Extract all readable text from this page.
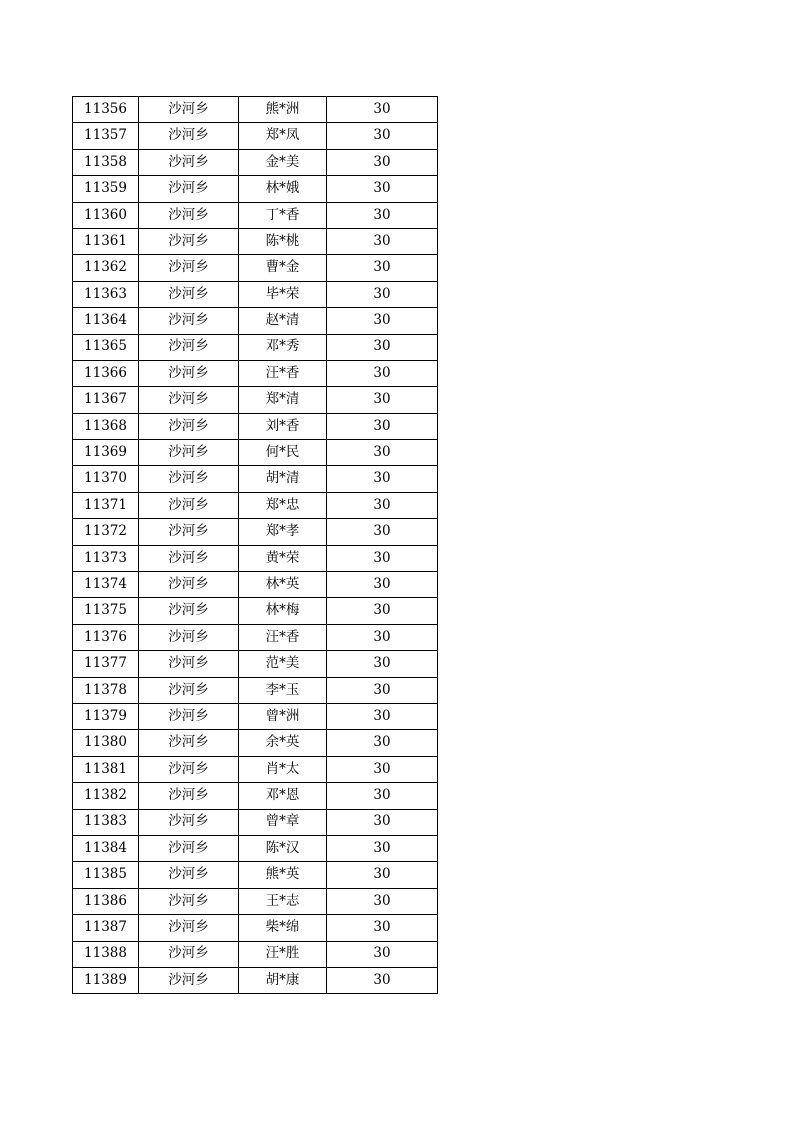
11356	沙河乡	熊*洲	30
11357	沙河乡	郑*凤	30
11358	沙河乡	金*美	30
11359	沙河乡	林*娥	30
11360	沙河乡	丁*香	30
11361	沙河乡	陈*桃	30
11362	沙河乡	曹*金	30
11363	沙河乡	毕*荣	30
11364	沙河乡	赵*清	30
11365	沙河乡	邓*秀	30
11366	沙河乡	汪*香	30
11367	沙河乡	郑*清	30
11368	沙河乡	刘*香	30
11369	沙河乡	何*民	30
11370	沙河乡	胡*清	30
11371	沙河乡	郑*忠	30
11372	沙河乡	郑*孝	30
11373	沙河乡	黄*荣	30
11374	沙河乡	林*英	30
11375	沙河乡	林*梅	30
11376	沙河乡	汪*香	30
11377	沙河乡	范*美	30
11378	沙河乡	李*玉	30
11379	沙河乡	曾*洲	30
11380	沙河乡	余*英	30
11381	沙河乡	肖*太	30
11382	沙河乡	邓*恩	30
11383	沙河乡	曾*章	30
11384	沙河乡	陈*汉	30
11385	沙河乡	熊*英	30
11386	沙河乡	王*志	30
11387	沙河乡	柴*绵	30
11388	沙河乡	汪*胜	30
11389	沙河乡	胡*康	30
